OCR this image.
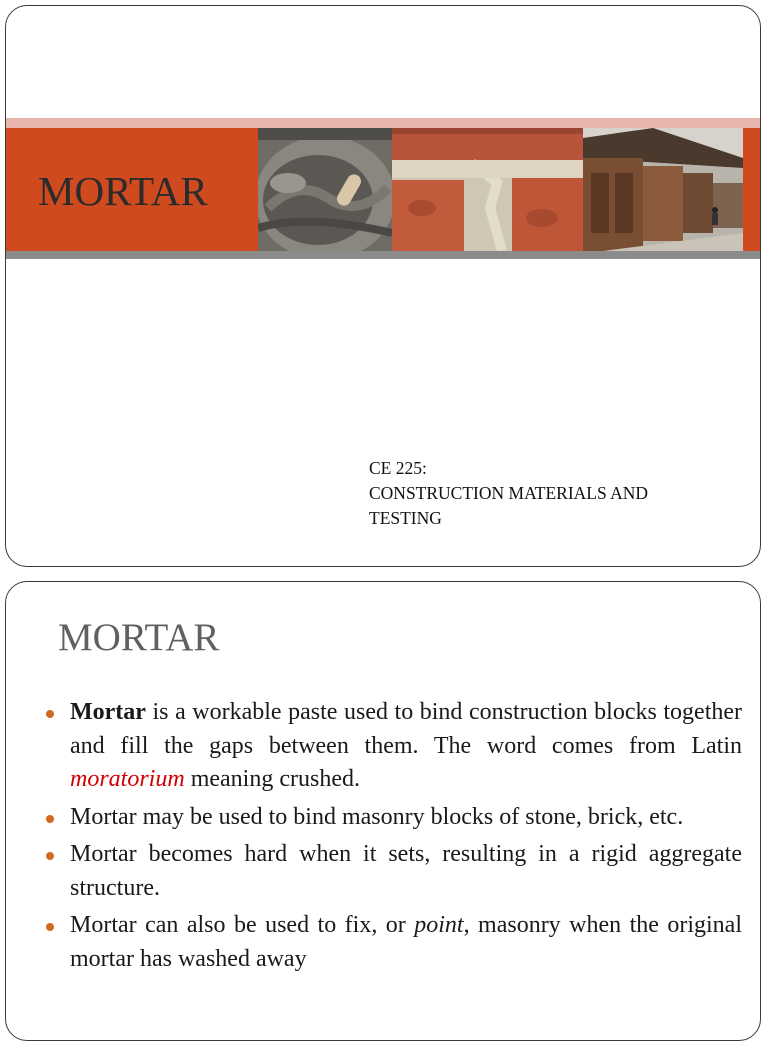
MORTAR
CE 225:
CONSTRUCTION MATERIALS AND
TESTING
MORTAR
Mortar is a workable paste used to bind construction blocks together and fill the gaps between them. The word comes from Latin moratorium meaning crushed.
Mortar may be used to bind masonry blocks of stone, brick, etc.
Mortar becomes hard when it sets, resulting in a rigid aggregate structure.
Mortar can also be used to fix, or point, masonry when the original mortar has washed away
